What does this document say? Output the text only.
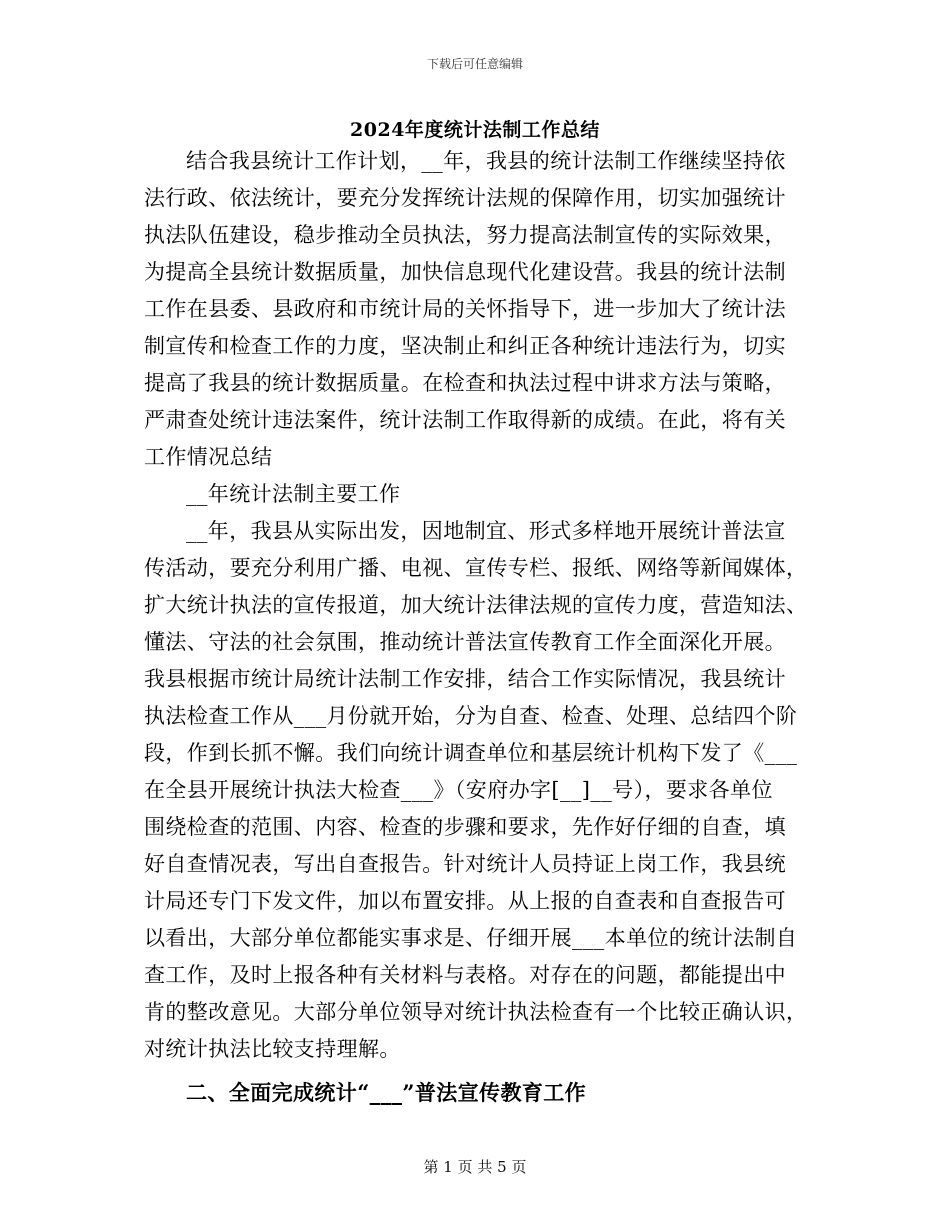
下载后可任意编辑
2024年度统计法制工作总结

结合我县统计工作计划，__年，我县的统计法制工作继续坚持依

法行政、依法统计，要充分发挥统计法规的保障作用，切实加强统计

执法队伍建设，稳步推动全员执法，努力提高法制宣传的实际效果，

为提高全县统计数据质量，加快信息现代化建设营。我县的统计法制

工作在县委、县政府和市统计局的关怀指导下，进一步加大了统计法

制宣传和检查工作的力度，坚决制止和纠正各种统计违法行为，切实

提高了我县的统计数据质量。在检查和执法过程中讲求方法与策略，

严肃查处统计违法案件，统计法制工作取得新的成绩。在此，将有关

工作情况总结

__年统计法制主要工作

__年，我县从实际出发，因地制宜、形式多样地开展统计普法宣

传活动，要充分利用广播、电视、宣传专栏、报纸、网络等新闻媒体，

扩大统计执法的宣传报道，加大统计法律法规的宣传力度，营造知法、

懂法、守法的社会氛围，推动统计普法宣传教育工作全面深化开展。

我县根据市统计局统计法制工作安排，结合工作实际情况，我县统计

执法检查工作从___月份就开始，分为自查、检查、处理、总结四个阶

段，作到长抓不懈。我们向统计调查单位和基层统计机构下发了《___

在全县开展统计执法大检查___》（安府办字[__]__号），要求各单位

围绕检查的范围、内容、检查的步骤和要求，先作好仔细的自查，填

好自查情况表，写出自查报告。针对统计人员持证上岗工作，我县统

计局还专门下发文件，加以布置安排。从上报的自查表和自查报告可

以看出，大部分单位都能实事求是、仔细开展___本单位的统计法制自

查工作，及时上报各种有关材料与表格。对存在的问题，都能提出中

肯的整改意见。大部分单位领导对统计执法检查有一个比较正确认识，

对统计执法比较支持理解。

二、全面完成统计“___”普法宣传教育工作

第 1 页 共 5 页
